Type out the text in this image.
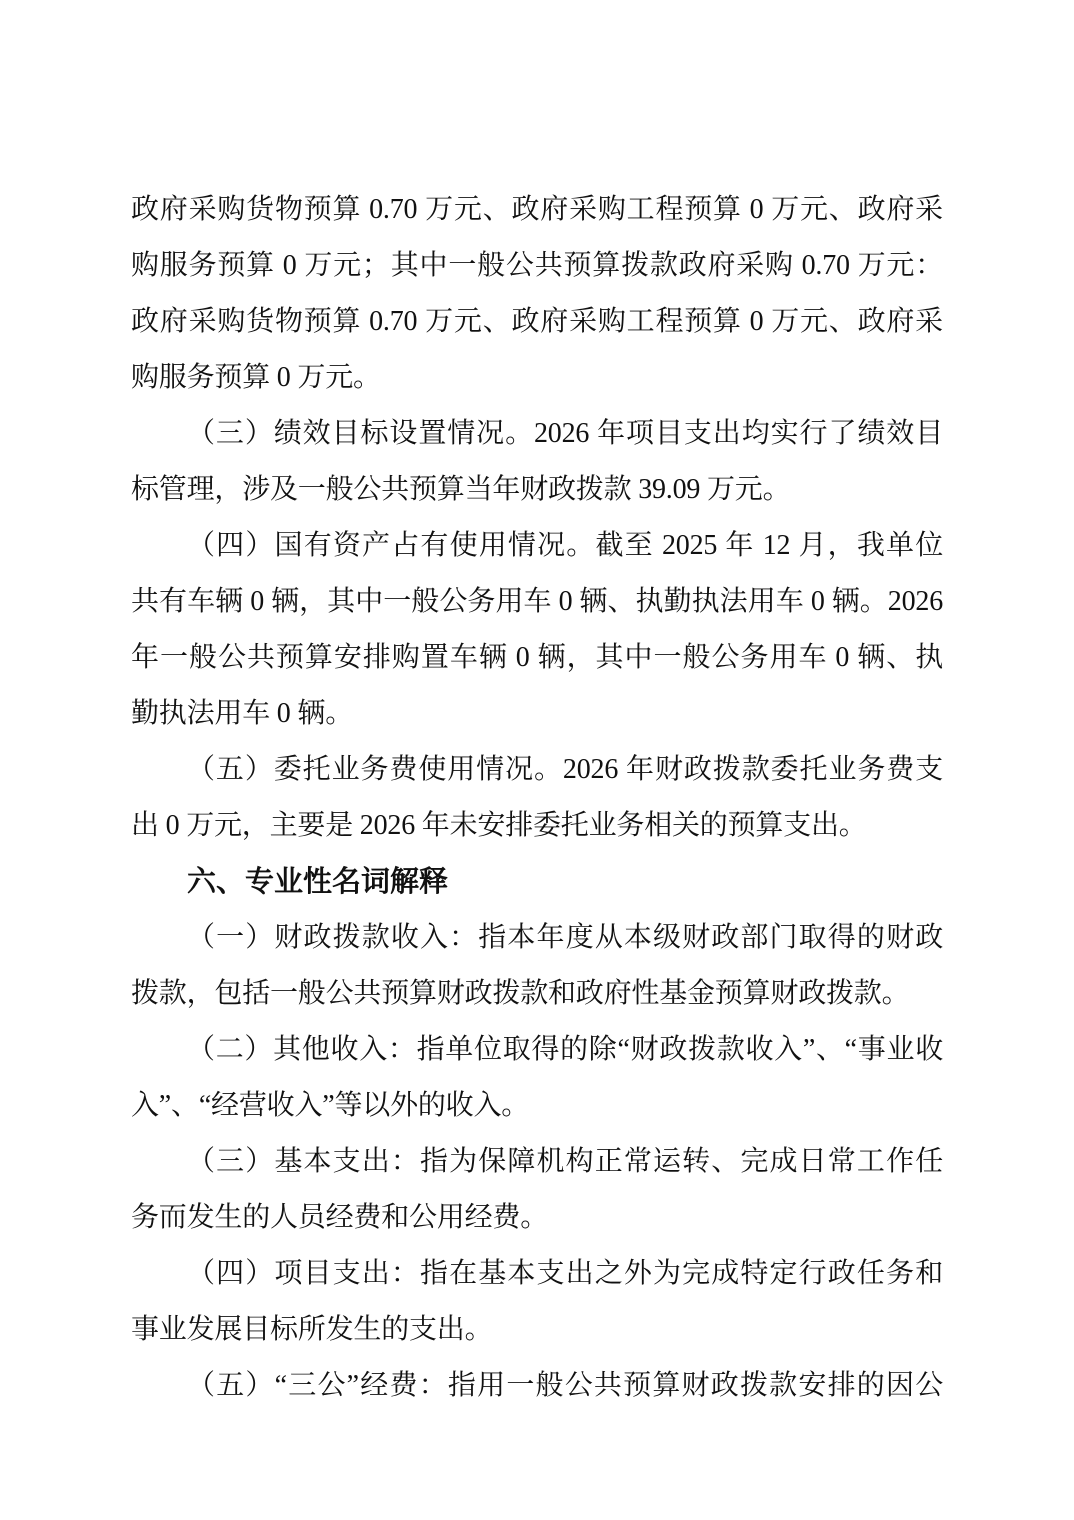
政府采购货物预算 0.70 万元、政府采购工程预算 0 万元、政府采
购服务预算 0 万元；其中一般公共预算拨款政府采购 0.70 万元：
政府采购货物预算 0.70 万元、政府采购工程预算 0 万元、政府采
购服务预算 0 万元。
（三）绩效目标设置情况。2026 年项目支出均实行了绩效目
标管理，涉及一般公共预算当年财政拨款 39.09 万元。
（四）国有资产占有使用情况。截至 2025 年 12 月，我单位
共有车辆 0 辆，其中一般公务用车 0 辆、执勤执法用车 0 辆。2026
年一般公共预算安排购置车辆 0 辆，其中一般公务用车 0 辆、执
勤执法用车 0 辆。
（五）委托业务费使用情况。2026 年财政拨款委托业务费支
出 0 万元，主要是 2026 年未安排委托业务相关的预算支出。
六、专业性名词解释
（一）财政拨款收入：指本年度从本级财政部门取得的财政
拨款，包括一般公共预算财政拨款和政府性基金预算财政拨款。
（二）其他收入：指单位取得的除“财政拨款收入”、“事业收
入”、“经营收入”等以外的收入。
（三）基本支出：指为保障机构正常运转、完成日常工作任
务而发生的人员经费和公用经费。
（四）项目支出：指在基本支出之外为完成特定行政任务和
事业发展目标所发生的支出。
（五）“三公”经费：指用一般公共预算财政拨款安排的因公
